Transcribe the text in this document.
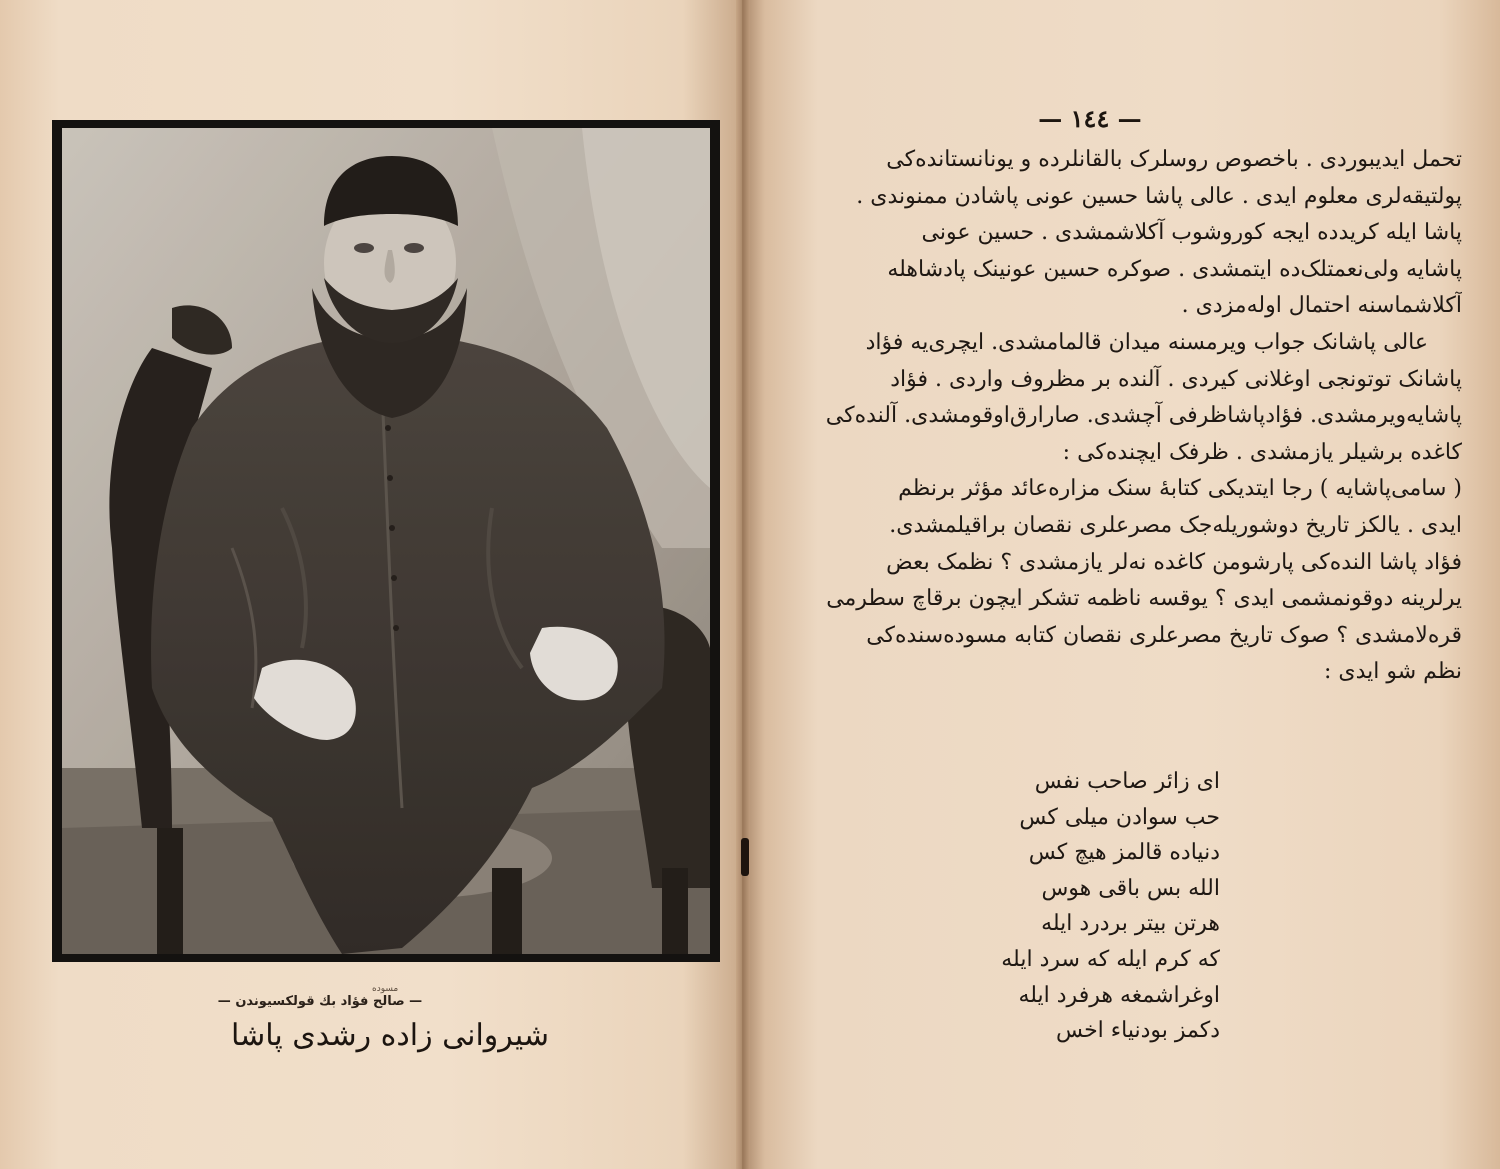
مسوده
— صالح فؤاد بك قولكسيوندن —
شیروانی زاده رشدی پاشا
— ١٤٤ —
تحمل ایدیبوردی . باخصوص روسلرک بالقانلرده و یونانستانده‌کی
پولتیقه‌لری معلوم ایدی . عالی پاشا حسین عونی پاشادن ممنوندی .
پاشا ایله کریدده ایجه کوروشوب آکلاشمشدی . حسین عونی
پاشایه ولی‌نعمتلک‌ده ایتمشدی . صوکره حسین عونینک پادشاهله
آکلاشماسنه احتمال اوله‌مزدی .
عالی پاشانک جواب ویرمسنه میدان قالمامشدی. ایچری‌یه فؤاد
پاشانک توتونجی اوغلانی کیردی . آلنده بر مظروف واردی . فؤاد
پاشایه‌ویرمشدی. فؤادپاشاظرفی آچشدی. صارارق‌اوقومشدی. آلنده‌کی
کاغده برشیلر یازمشدی . ظرفک ایچنده‌کی :
( سامی‌پاشایه ) رجا ایتدیکی کتابهٔ سنک مزاره‌عائد مؤثر برنظم
ایدی . یالکز تاریخ دوشوریله‌جک مصرعلری نقصان براقیلمشدی.
فؤاد پاشا الندەکی پارشومن کاغده نه‌لر یازمشدی ؟ نظمک بعض
یرلرینه دوقونمشمی ایدی ؟ یوقسه ناظمه تشکر ایچون برقاچ سطرمی
قره‌لامشدی ؟ صوک تاریخ مصرعلری نقصان کتابه مسوده‌سنده‌کی
نظم شو ایدی :
ای زائر صاحب نفس
حب سوادن میلی کس
دنیاده قالمز هیچ کس
الله بس باقی هوس
هرتن بیتر بردرد ایله
که کرم ایله که سرد ایله
اوغراشمغه هرفرد ایله
دکمز بودنیاء اخس
